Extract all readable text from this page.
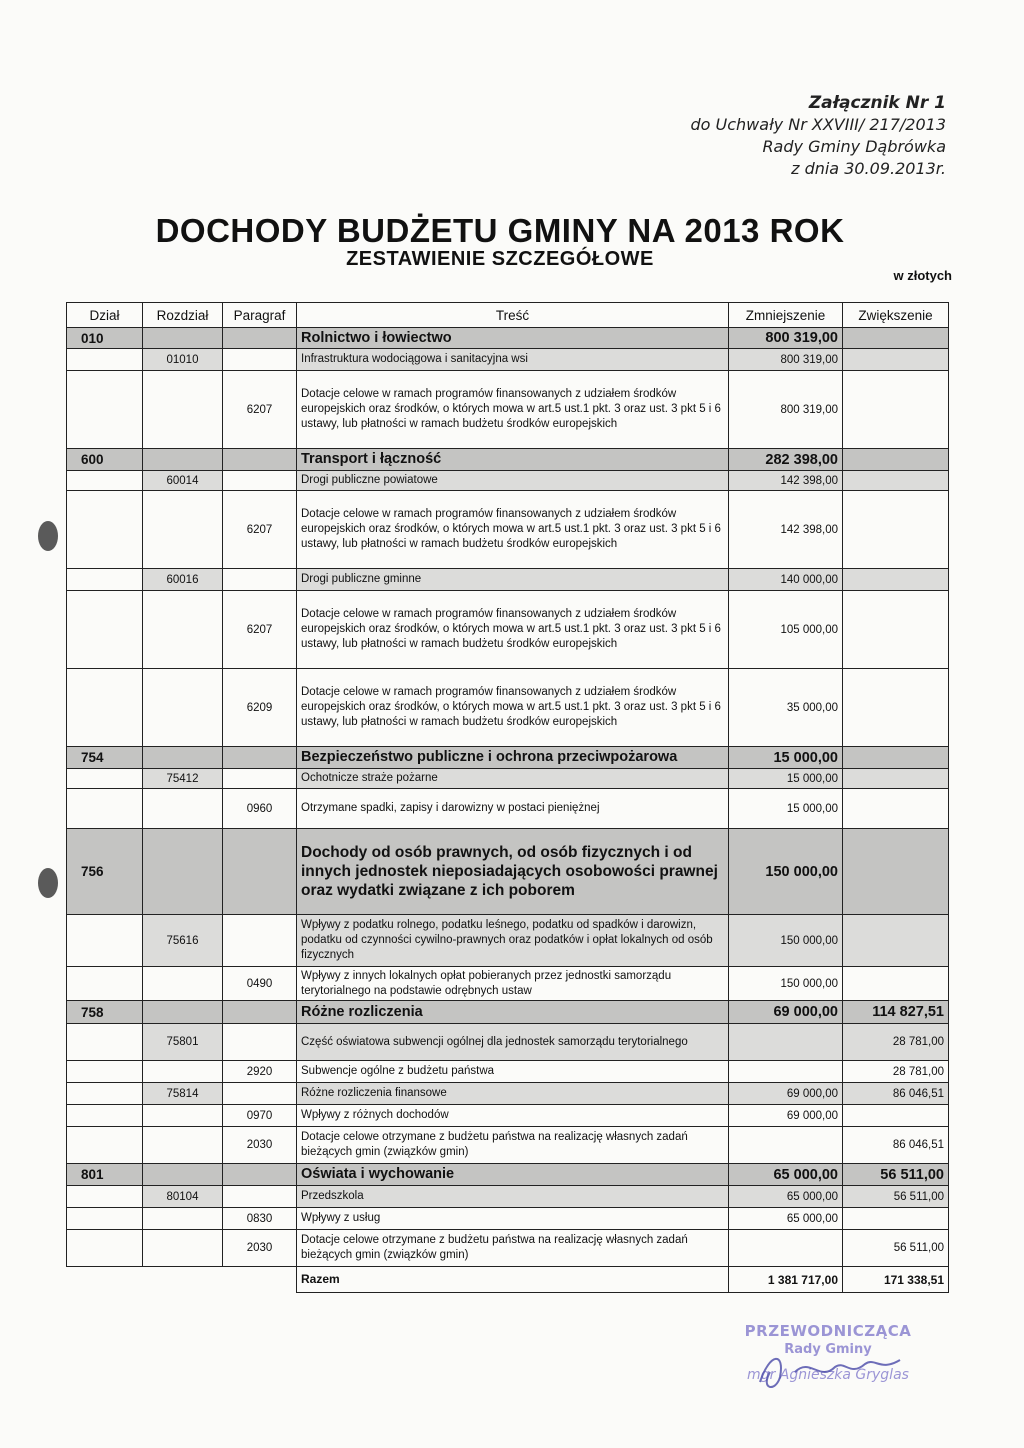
Załącznik Nr 1
do Uchwały Nr XXVIII/ 217/2013
Rady Gminy Dąbrówka
z dnia 30.09.2013r.
DOCHODY BUDŻETU GMINY NA 2013 ROK
ZESTAWIENIE SZCZEGÓŁOWE
w złotych
Dział	Rozdział	Paragraf	Treść	Zmniejszenie	Zwiększenie
010			Rolnictwo i łowiectwo	800 319,00	
	01010		Infrastruktura wodociągowa i sanitacyjna wsi	800 319,00	
		6207	Dotacje celowe w ramach programów finansowanych z udziałem środków europejskich oraz środków, o których mowa w art.5 ust.1 pkt. 3 oraz ust. 3 pkt 5 i 6 ustawy, lub płatności w ramach budżetu środków europejskich	800 319,00	
600			Transport i łączność	282 398,00	
	60014		Drogi publiczne powiatowe	142 398,00	
		6207	Dotacje celowe w ramach programów finansowanych z udziałem środków europejskich oraz środków, o których mowa w art.5 ust.1 pkt. 3 oraz ust. 3 pkt 5 i 6 ustawy, lub płatności w ramach budżetu środków europejskich	142 398,00	
	60016		Drogi publiczne gminne	140 000,00	
		6207	Dotacje celowe w ramach programów finansowanych z udziałem środków europejskich oraz środków, o których mowa w art.5 ust.1 pkt. 3 oraz ust. 3 pkt 5 i 6 ustawy, lub płatności w ramach budżetu środków europejskich	105 000,00	
		6209	Dotacje celowe w ramach programów finansowanych z udziałem środków europejskich oraz środków, o których mowa w art.5 ust.1 pkt. 3 oraz ust. 3 pkt 5 i 6 ustawy, lub płatności w ramach budżetu środków europejskich	35 000,00	
754			Bezpieczeństwo publiczne i ochrona przeciwpożarowa	15 000,00	
	75412		Ochotnicze straże pożarne	15 000,00	
		0960	Otrzymane spadki, zapisy i darowizny w postaci pieniężnej	15 000,00	
756			Dochody od osób prawnych, od osób fizycznych i od innych jednostek nieposiadających osobowości prawnej oraz wydatki związane z ich poborem	150 000,00	
	75616		Wpływy z podatku rolnego, podatku leśnego, podatku od spadków i darowizn, podatku od czynności cywilno-prawnych oraz podatków i opłat lokalnych od osób fizycznych	150 000,00	
		0490	Wpływy z innych lokalnych opłat pobieranych przez jednostki samorządu terytorialnego na podstawie odrębnych ustaw	150 000,00	
758			Różne rozliczenia	69 000,00	114 827,51
	75801		Część oświatowa subwencji ogólnej dla jednostek samorządu terytorialnego		28 781,00
		2920	Subwencje ogólne z budżetu państwa		28 781,00
	75814		Różne rozliczenia finansowe	69 000,00	86 046,51
		0970	Wpływy z różnych dochodów	69 000,00	
		2030	Dotacje celowe otrzymane z budżetu państwa na realizację własnych zadań bieżących gmin (związków gmin)		86 046,51
801			Oświata i wychowanie	65 000,00	56 511,00
	80104		Przedszkola	65 000,00	56 511,00
		0830	Wpływy z usług	65 000,00	
		2030	Dotacje celowe otrzymane z budżetu państwa na realizację własnych zadań bieżących gmin (związków gmin)		56 511,00
			Razem	1 381 717,00	171 338,51
PRZEWODNICZĄCA
Rady Gminy
mgr Agnieszka Gryglas
